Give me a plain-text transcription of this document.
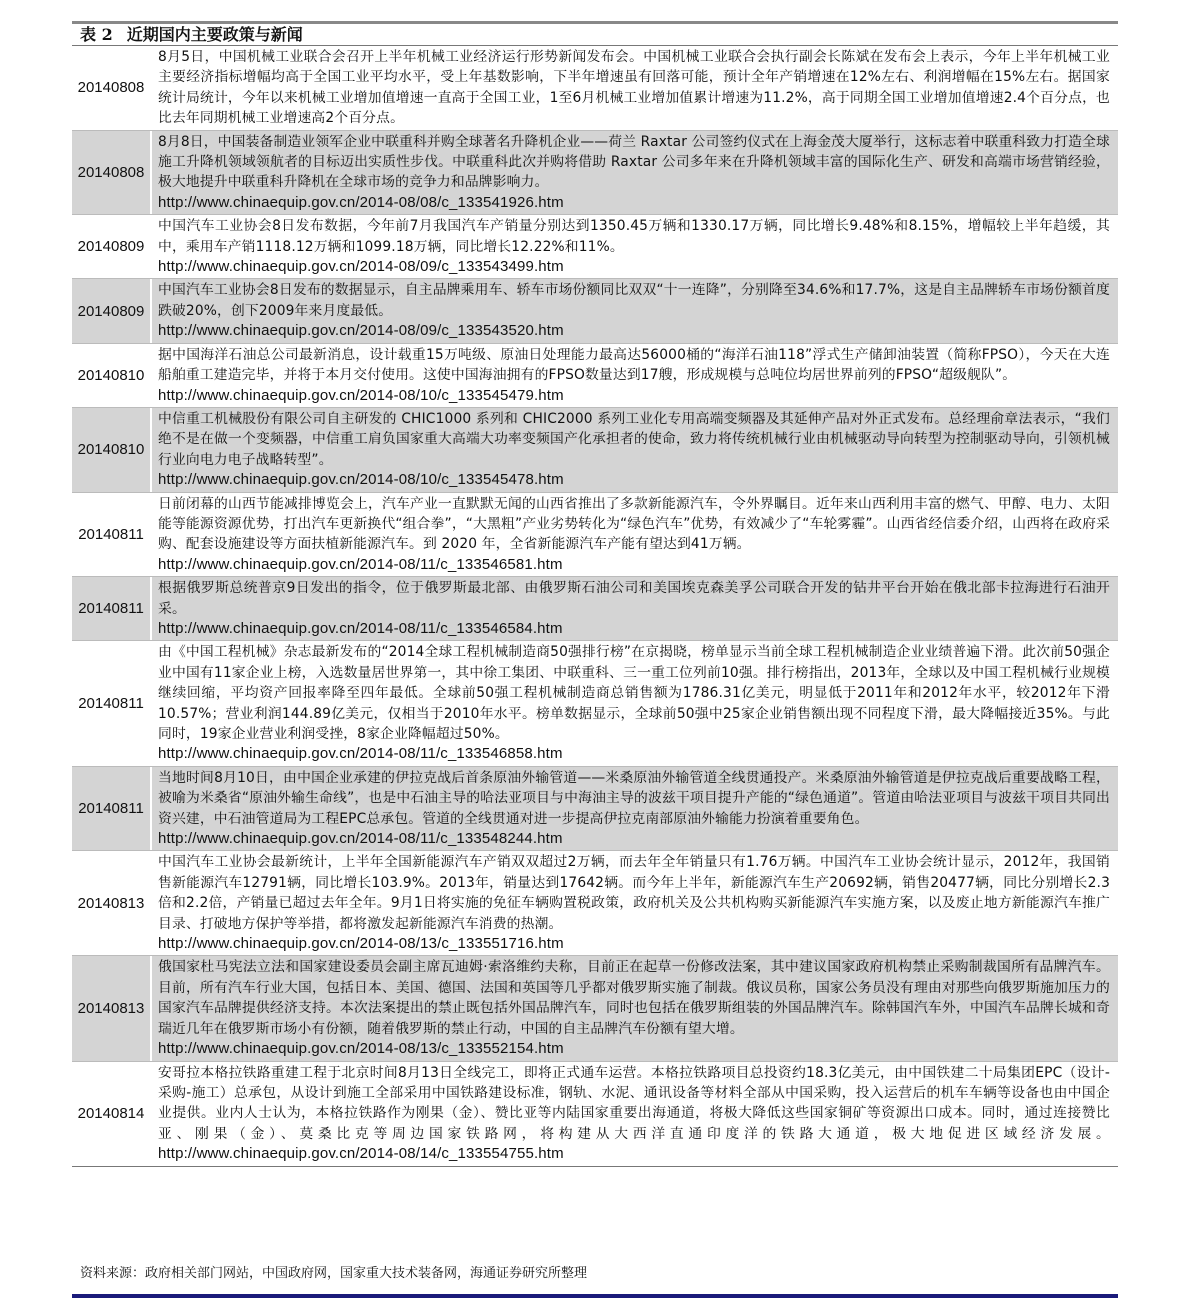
表 2 近期国内主要政策与新闻
20140808
8月5日，中国机械工业联合会召开上半年机械工业经济运行形势新闻发布会。中国机械工业联合会执行副会长陈斌在发布会上表示，今年上半年机械工业主要经济指标增幅均高于全国工业平均水平，受上年基数影响，下半年增速虽有回落可能，预计全年产销增速在12%左右、利润增幅在15%左右。据国家统计局统计，今年以来机械工业增加值增速一直高于全国工业，1至6月机械工业增加值累计增速为11.2%，高于同期全国工业增加值增速2.4个百分点，也比去年同期机械工业增速高2个百分点。
20140808
8月8日，中国装备制造业领军企业中联重科并购全球著名升降机企业——荷兰 Raxtar 公司签约仪式在上海金茂大厦举行，这标志着中联重科致力打造全球施工升降机领域领航者的目标迈出实质性步伐。中联重科此次并购将借助 Raxtar 公司多年来在升降机领域丰富的国际化生产、研发和高端市场营销经验，极大地提升中联重科升降机在全球市场的竞争力和品牌影响力。
http://www.chinaequip.gov.cn/2014-08/08/c_133541926.htm
20140809
中国汽车工业协会8日发布数据，今年前7月我国汽车产销量分别达到1350.45万辆和1330.17万辆，同比增长9.48%和8.15%，增幅较上半年趋缓，其中，乘用车产销1118.12万辆和1099.18万辆，同比增长12.22%和11%。
http://www.chinaequip.gov.cn/2014-08/09/c_133543499.htm
20140809
中国汽车工业协会8日发布的数据显示，自主品牌乘用车、轿车市场份额同比双双“十一连降”，分别降至34.6%和17.7%，这是自主品牌轿车市场份额首度跌破20%，创下2009年来月度最低。
http://www.chinaequip.gov.cn/2014-08/09/c_133543520.htm
20140810
据中国海洋石油总公司最新消息，设计载重15万吨级、原油日处理能力最高达56000桶的“海洋石油118”浮式生产储卸油装置（简称FPSO），今天在大连船舶重工建造完毕，并将于本月交付使用。这使中国海油拥有的FPSO数量达到17艘，形成规模与总吨位均居世界前列的FPSO“超级舰队”。
http://www.chinaequip.gov.cn/2014-08/10/c_133545479.htm
20140810
中信重工机械股份有限公司自主研发的 CHIC1000 系列和 CHIC2000 系列工业化专用高端变频器及其延伸产品对外正式发布。总经理俞章法表示，“我们绝不是在做一个变频器，中信重工肩负国家重大高端大功率变频国产化承担者的使命，致力将传统机械行业由机械驱动导向转型为控制驱动导向，引领机械行业向电力电子战略转型”。
http://www.chinaequip.gov.cn/2014-08/10/c_133545478.htm
20140811
日前闭幕的山西节能减排博览会上，汽车产业一直默默无闻的山西省推出了多款新能源汽车，令外界瞩目。近年来山西利用丰富的燃气、甲醇、电力、太阳能等能源资源优势，打出汽车更新换代“组合拳”，“大黑粗”产业劣势转化为“绿色汽车”优势，有效减少了“车轮雾霾”。山西省经信委介绍，山西将在政府采购、配套设施建设等方面扶植新能源汽车。到 2020 年，全省新能源汽车产能有望达到41万辆。
http://www.chinaequip.gov.cn/2014-08/11/c_133546581.htm
20140811
根据俄罗斯总统普京9日发出的指令，位于俄罗斯最北部、由俄罗斯石油公司和美国埃克森美孚公司联合开发的钻井平台开始在俄北部卡拉海进行石油开采。
http://www.chinaequip.gov.cn/2014-08/11/c_133546584.htm
20140811
由《中国工程机械》杂志最新发布的“2014全球工程机械制造商50强排行榜”在京揭晓，榜单显示当前全球工程机械制造企业业绩普遍下滑。此次前50强企业中国有11家企业上榜，入选数量居世界第一，其中徐工集团、中联重科、三一重工位列前10强。排行榜指出，2013年，全球以及中国工程机械行业规模继续回缩，平均资产回报率降至四年最低。全球前50强工程机械制造商总销售额为1786.31亿美元，明显低于2011年和2012年水平，较2012年下滑10.57%；营业利润144.89亿美元，仅相当于2010年水平。榜单数据显示，全球前50强中25家企业销售额出现不同程度下滑，最大降幅接近35%。与此同时，19家企业营业利润受挫，8家企业降幅超过50%。
http://www.chinaequip.gov.cn/2014-08/11/c_133546858.htm
20140811
当地时间8月10日，由中国企业承建的伊拉克战后首条原油外输管道——米桑原油外输管道全线贯通投产。米桑原油外输管道是伊拉克战后重要战略工程，被喻为米桑省“原油外输生命线”，也是中石油主导的哈法亚项目与中海油主导的波兹干项目提升产能的“绿色通道”。管道由哈法亚项目与波兹干项目共同出资兴建，中石油管道局为工程EPC总承包。管道的全线贯通对进一步提高伊拉克南部原油外输能力扮演着重要角色。
http://www.chinaequip.gov.cn/2014-08/11/c_133548244.htm
20140813
中国汽车工业协会最新统计，上半年全国新能源汽车产销双双超过2万辆，而去年全年销量只有1.76万辆。中国汽车工业协会统计显示，2012年，我国销售新能源汽车12791辆，同比增长103.9%。2013年，销量达到17642辆。而今年上半年，新能源汽车生产20692辆，销售20477辆，同比分别增长2.3倍和2.2倍，产销量已超过去年全年。9月1日将实施的免征车辆购置税政策，政府机关及公共机构购买新能源汽车实施方案，以及废止地方新能源汽车推广目录、打破地方保护等举措，都将激发起新能源汽车消费的热潮。
http://www.chinaequip.gov.cn/2014-08/13/c_133551716.htm
20140813
俄国家杜马宪法立法和国家建设委员会副主席瓦迪姆·索洛维约夫称，目前正在起草一份修改法案，其中建议国家政府机构禁止采购制裁国所有品牌汽车。目前，所有汽车行业大国，包括日本、美国、德国、法国和英国等几乎都对俄罗斯实施了制裁。俄议员称，国家公务员没有理由对那些向俄罗斯施加压力的国家汽车品牌提供经济支持。本次法案提出的禁止既包括外国品牌汽车，同时也包括在俄罗斯组装的外国品牌汽车。除韩国汽车外，中国汽车品牌长城和奇瑞近几年在俄罗斯市场小有份额，随着俄罗斯的禁止行动，中国的自主品牌汽车份额有望大增。
http://www.chinaequip.gov.cn/2014-08/13/c_133552154.htm
20140814
安哥拉本格拉铁路重建工程于北京时间8月13日全线完工，即将正式通车运营。本格拉铁路项目总投资约18.3亿美元，由中国铁建二十局集团EPC（设计-采购-施工）总承包，从设计到施工全部采用中国铁路建设标准，钢轨、水泥、通讯设备等材料全部从中国采购，投入运营后的机车车辆等设备也由中国企业提供。业内人士认为，本格拉铁路作为刚果（金）、赞比亚等内陆国家重要出海通道，将极大降低这些国家铜矿等资源出口成本。同时，通过连接赞比亚、刚果（金）、莫桑比克等周边国家铁路网，将构建从大西洋直通印度洋的铁路大通道，极大地促进区域经济发展。http://www.chinaequip.gov.cn/2014-08/14/c_133554755.htm
资料来源：政府相关部门网站，中国政府网，国家重大技术装备网，海通证券研究所整理
